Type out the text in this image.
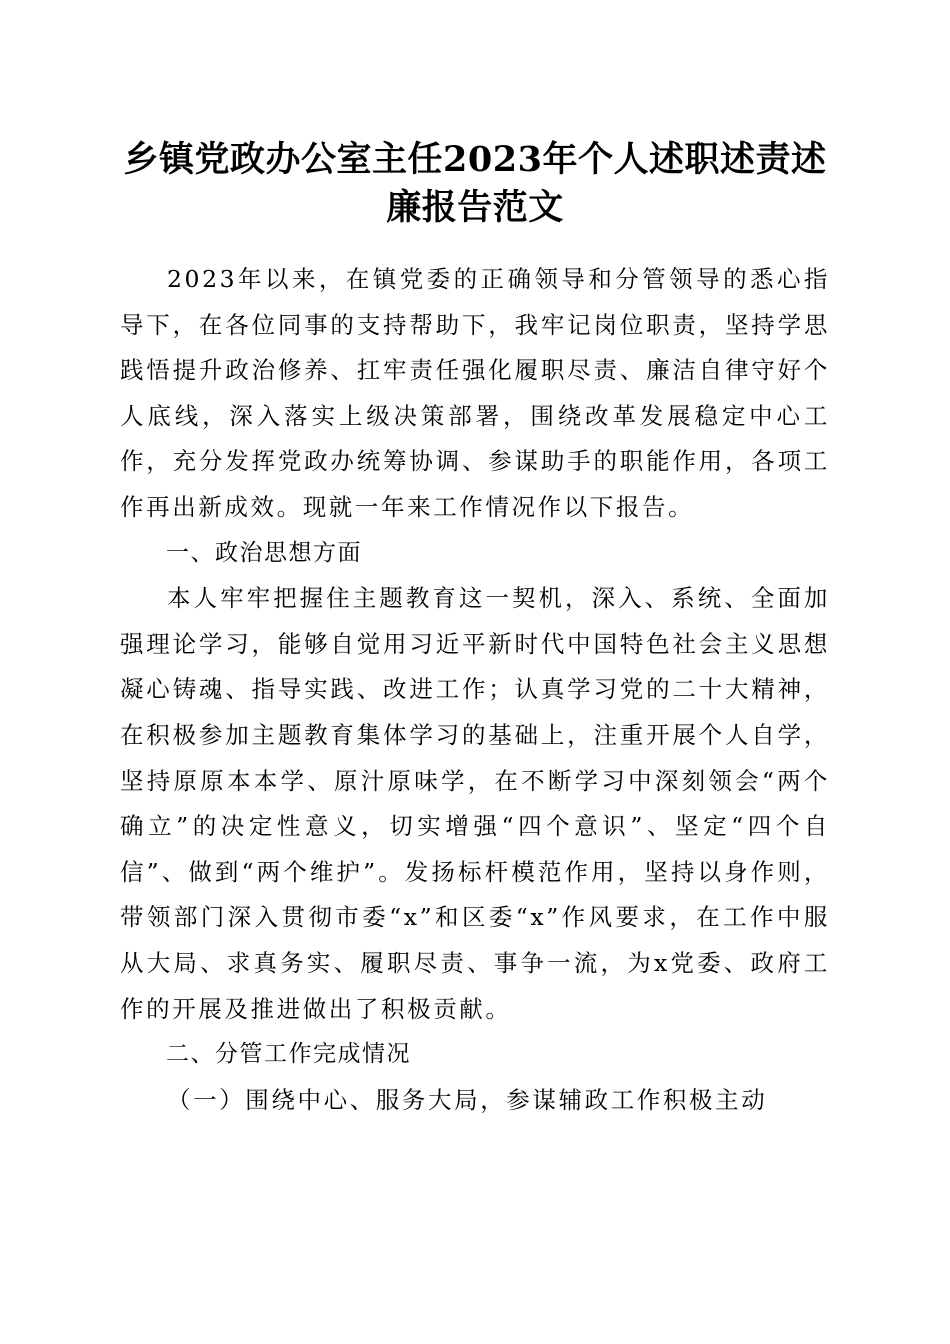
乡镇党政办公室主任2023年个人述职述责述
廉报告范文

2023年以来，在镇党委的正确领导和分管领导的悉心指导下，在各位同事的支持帮助下，我牢记岗位职责，坚持学思践悟提升政治修养、扛牢责任强化履职尽责、廉洁自律守好个人底线，深入落实上级决策部署，围绕改革发展稳定中心工作，充分发挥党政办统筹协调、参谋助手的职能作用，各项工作再出新成效。现就一年来工作情况作以下报告。

一、政治思想方面

本人牢牢把握住主题教育这一契机，深入、系统、全面加强理论学习，能够自觉用习近平新时代中国特色社会主义思想凝心铸魂、指导实践、改进工作；认真学习党的二十大精神，在积极参加主题教育集体学习的基础上，注重开展个人自学，坚持原原本本学、原汁原味学，在不断学习中深刻领会“两个确立”的决定性意义，切实增强“四个意识”、坚定“四个自信”、做到“两个维护”。发扬标杆模范作用，坚持以身作则，带领部门深入贯彻市委“x”和区委“x”作风要求，在工作中服从大局、求真务实、履职尽责、事争一流，为x党委、政府工作的开展及推进做出了积极贡献。

二、分管工作完成情况

（一）围绕中心、服务大局，参谋辅政工作积极主动
